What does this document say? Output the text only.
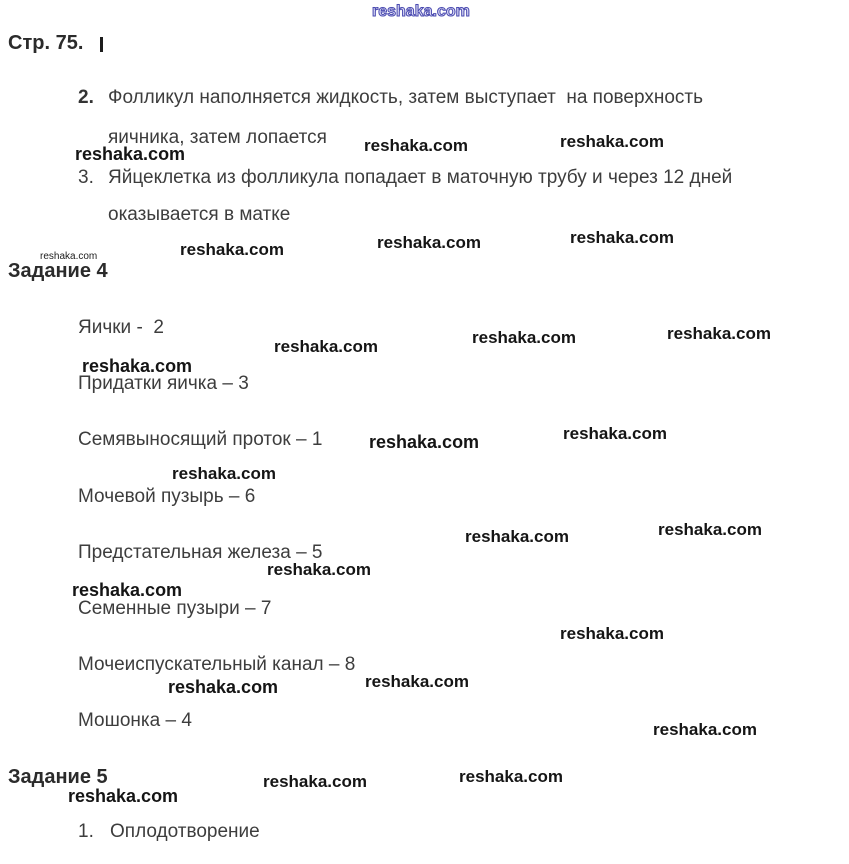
reshaka.com
Стр. 75.
2. Фолликул наполняется жидкость, затем выступает  на поверхность
яичника, затем лопается
3. Яйцеклетка из фолликула попадает в маточную трубу и через 12 дней
оказывается в матке
Задание 4
Яички -  2
Придатки яичка – 3
Семявыносящий проток – 1
Мочевой пузырь – 6
Предстательная железа – 5
Семенные пузыри – 7
Мочеиспускательный канал – 8
Мошонка – 4
Задание 5
1. Оплодотворение
reshaka.com	reshaka.com	reshaka.com
reshaka.com	reshaka.com	reshaka.com
reshaka.com
reshaka.com	reshaka.com	reshaka.com
reshaka.com
reshaka.com	reshaka.com
reshaka.com
reshaka.com	reshaka.com
reshaka.com
reshaka.com
reshaka.com
reshaka.com	reshaka.com
reshaka.com
reshaka.com	reshaka.com
reshaka.com
